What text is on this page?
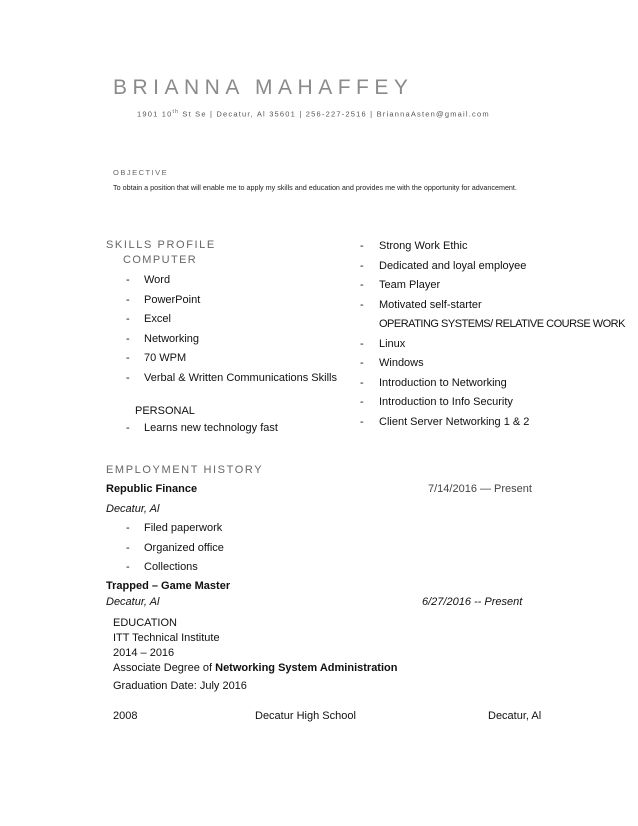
BRIANNA MAHAFFEY
1901 10th St Se | Decatur, Al 35601 | 256-227-2516 | BriannaAsten@gmail.com
OBJECTIVE
To obtain a position that will enable me to apply my skills and education and provides me with the opportunity for advancement.
SKILLS PROFILE
COMPUTER
- Word
- PowerPoint
- Excel
- Networking
- 70 WPM
- Verbal & Written Communications Skills
PERSONAL
- Learns new technology fast
- Strong Work Ethic
- Dedicated and loyal employee
- Team Player
- Motivated self-starter
OPERATING SYSTEMS/ RELATIVE COURSE WORK
- Linux
- Windows
- Introduction to Networking
- Introduction to Info Security
- Client Server Networking 1 & 2
EMPLOYMENT HISTORY
Republic Finance	7/14/2016 — Present
Decatur, Al
- Filed paperwork
- Organized office
- Collections
Trapped – Game Master
Decatur, Al	6/27/2016 -- Present
EDUCATION
ITT Technical Institute
2014 – 2016
Associate Degree of Networking System Administration
Graduation Date: July 2016
2008	Decatur High School	Decatur, Al
